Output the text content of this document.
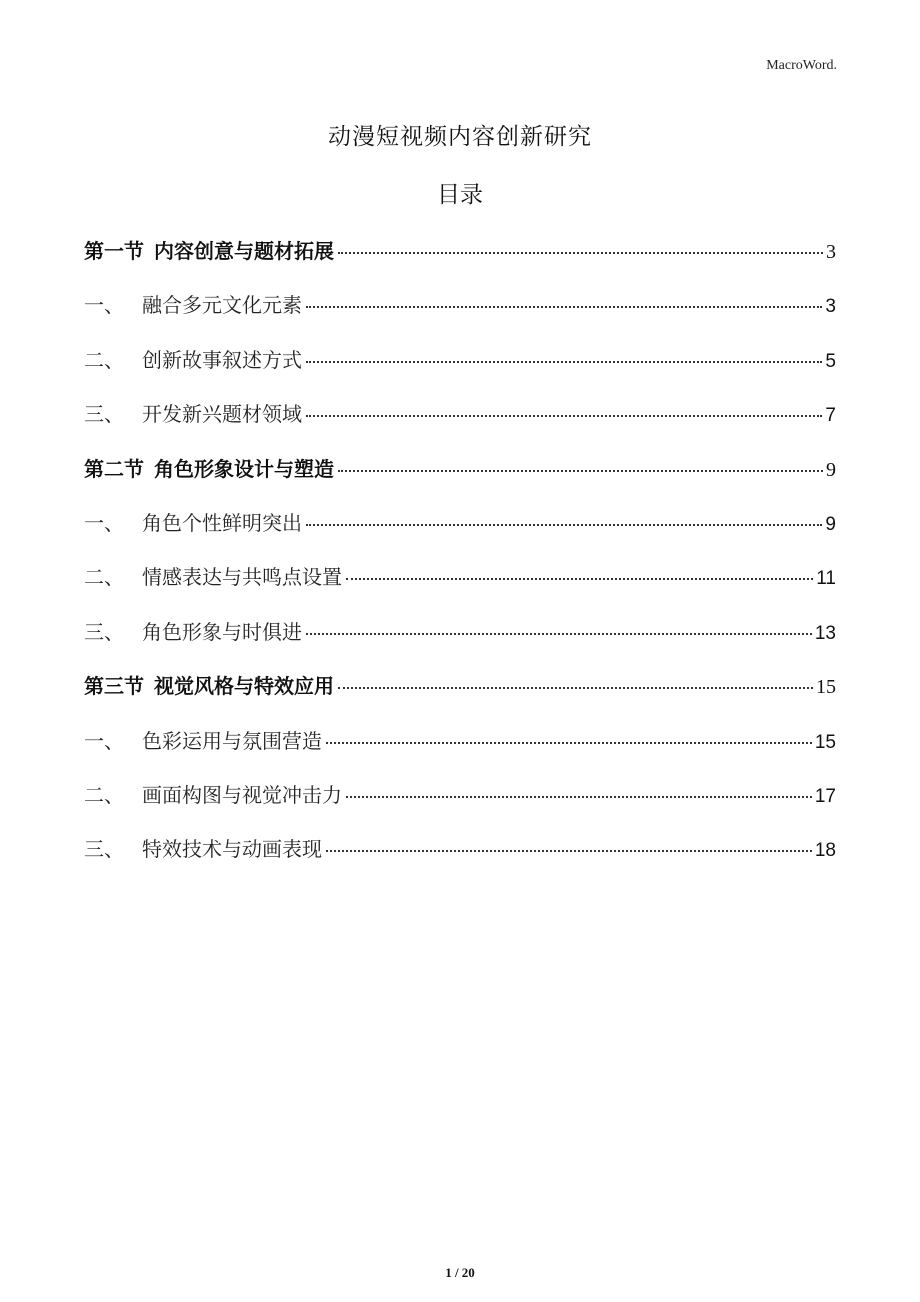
MacroWord.
动漫短视频内容创新研究
目录
第一节 内容创意与题材拓展	3
一、 融合多元文化元素	3
二、 创新故事叙述方式	5
三、 开发新兴题材领域	7
第二节 角色形象设计与塑造	9
一、 角色个性鲜明突出	9
二、 情感表达与共鸣点设置	11
三、 角色形象与时俱进	13
第三节 视觉风格与特效应用	15
一、 色彩运用与氛围营造	15
二、 画面构图与视觉冲击力	17
三、 特效技术与动画表现	18
1 / 20
